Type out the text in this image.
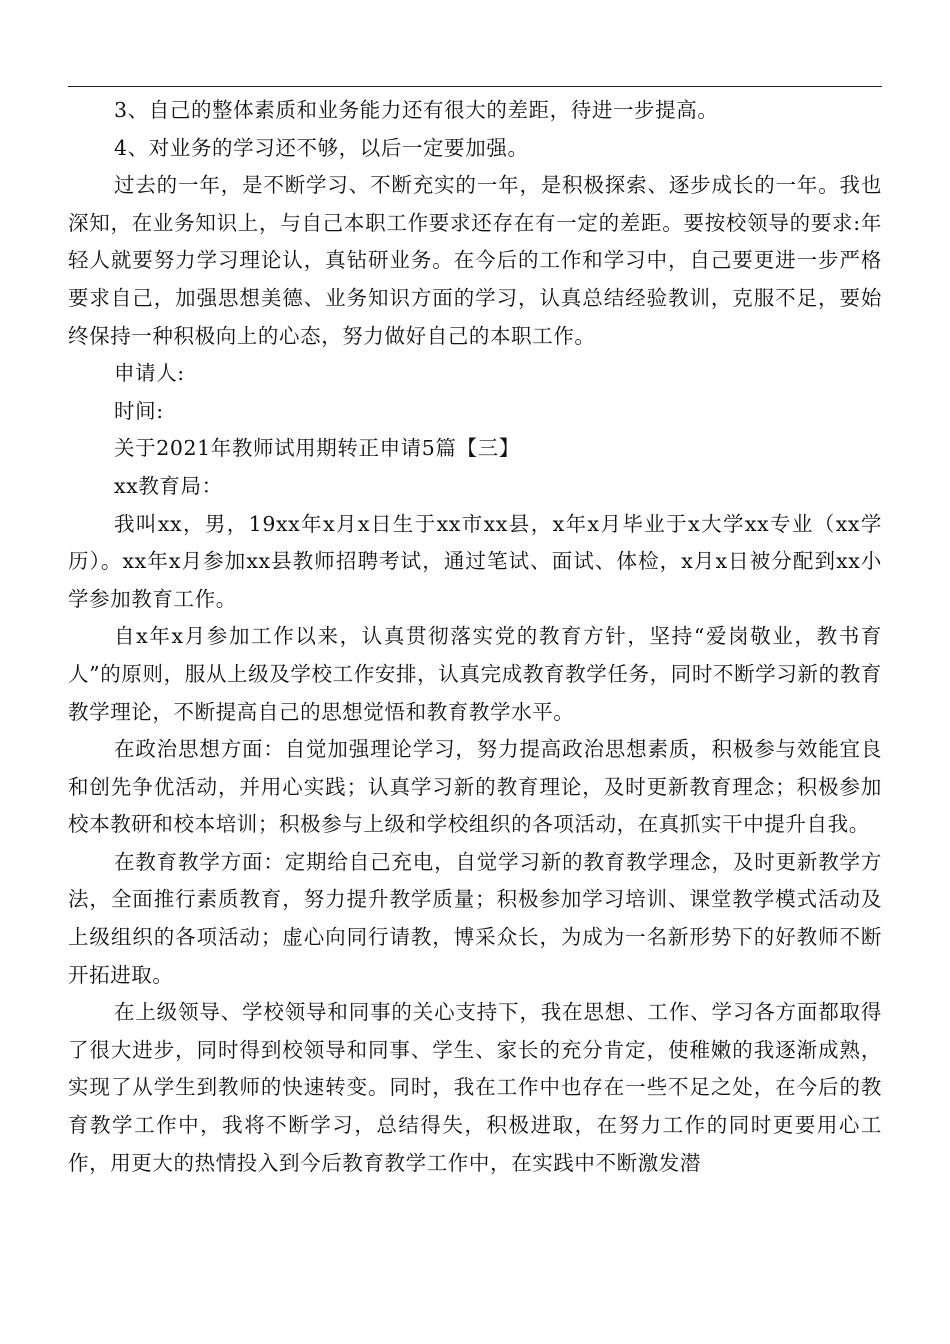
3、自己的整体素质和业务能力还有很大的差距，待进一步提高。

4、对业务的学习还不够，以后一定要加强。

过去的一年，是不断学习、不断充实的一年，是积极探索、逐步成长的一年。我也深知，在业务知识上，与自己本职工作要求还存在有一定的差距。要按校领导的要求:年轻人就要努力学习理论认，真钻研业务。在今后的工作和学习中，自己要更进一步严格要求自己，加强思想美德、业务知识方面的学习，认真总结经验教训，克服不足，要始终保持一种积极向上的心态，努力做好自己的本职工作。

申请人:

时间:

关于2021年教师试用期转正申请5篇【三】

xx教育局：

我叫xx，男，19xx年x月x日生于xx市xx县，x年x月毕业于x大学xx专业（xx学历）。xx年x月参加xx县教师招聘考试，通过笔试、面试、体检，x月x日被分配到xx小学参加教育工作。

自x年x月参加工作以来，认真贯彻落实党的教育方针，坚持“爱岗敬业，教书育人”的原则，服从上级及学校工作安排，认真完成教育教学任务，同时不断学习新的教育教学理论，不断提高自己的思想觉悟和教育教学水平。

在政治思想方面：自觉加强理论学习，努力提高政治思想素质，积极参与效能宜良和创先争优活动，并用心实践；认真学习新的教育理论，及时更新教育理念；积极参加校本教研和校本培训；积极参与上级和学校组织的各项活动，在真抓实干中提升自我。

在教育教学方面：定期给自己充电，自觉学习新的教育教学理念，及时更新教学方法，全面推行素质教育，努力提升教学质量；积极参加学习培训、课堂教学模式活动及上级组织的各项活动；虚心向同行请教，博采众长，为成为一名新形势下的好教师不断开拓进取。

在上级领导、学校领导和同事的关心支持下，我在思想、工作、学习各方面都取得了很大进步，同时得到校领导和同事、学生、家长的充分肯定，使稚嫩的我逐渐成熟，实现了从学生到教师的快速转变。同时，我在工作中也存在一些不足之处，在今后的教育教学工作中，我将不断学习，总结得失，积极进取，在努力工作的同时更要用心工作，用更大的热情投入到今后教育教学工作中，在实践中不断激发潜
